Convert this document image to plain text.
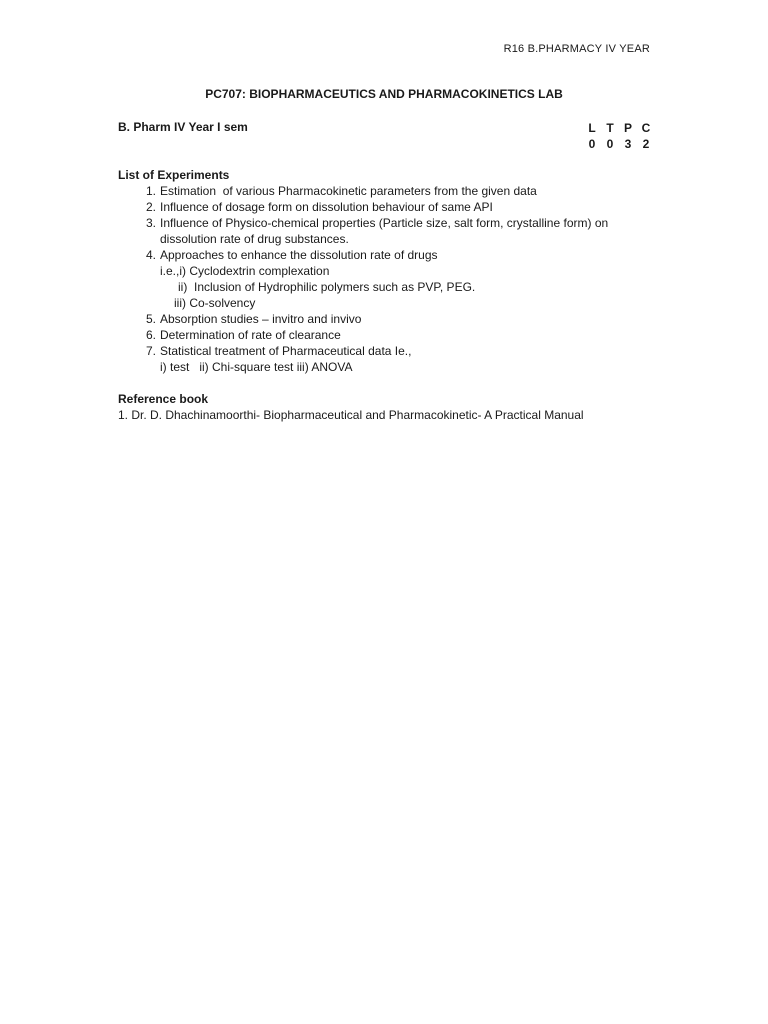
R16 B.PHARMACY IV YEAR
PC707: BIOPHARMACEUTICS AND PHARMACOKINETICS LAB
B. Pharm IV Year I sem	L T P C
0 0 3 2
List of Experiments
1. Estimation  of various Pharmacokinetic parameters from the given data
2. Influence of dosage form on dissolution behaviour of same API
3. Influence of Physico-chemical properties (Particle size, salt form, crystalline form) on
dissolution rate of drug substances.
4. Approaches to enhance the dissolution rate of drugs
i.e.,i) Cyclodextrin complexation
ii)  Inclusion of Hydrophilic polymers such as PVP, PEG.
iii) Co-solvency
5. Absorption studies – invitro and invivo
6. Determination of rate of clearance
7. Statistical treatment of Pharmaceutical data Ie.,
i) test   ii) Chi-square test iii) ANOVA
Reference book
1. Dr. D. Dhachinamoorthi- Biopharmaceutical and Pharmacokinetic- A Practical Manual
